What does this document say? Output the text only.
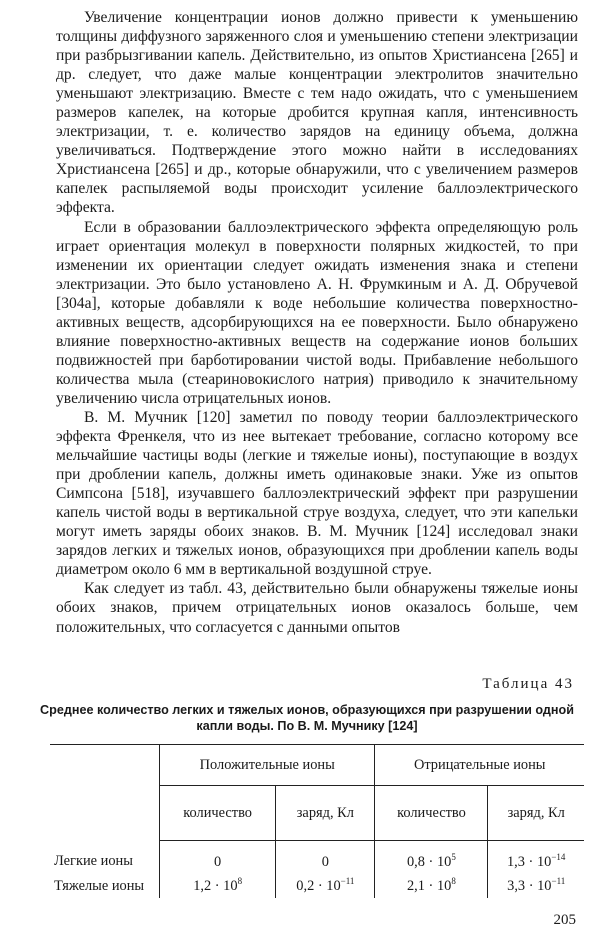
Увеличение концентрации ионов должно привести к уменьшению толщины диффузного заряженного слоя и уменьшению степени электризации при разбрызгивании капель. Действительно, из опытов Христиансена [265] и др. следует, что даже малые концентрации электролитов значительно уменьшают электризацию. Вместе с тем надо ожидать, что с уменьшением размеров капелек, на которые дробится крупная капля, интенсивность электризации, т. е. количество зарядов на единицу объема, должна увеличиваться. Подтверждение этого можно найти в исследованиях Христиансена [265] и др., которые обнаружили, что с увеличением размеров капелек распыляемой воды происходит усиление баллоэлектрического эффекта.

Если в образовании баллоэлектрического эффекта определяющую роль играет ориентация молекул в поверхности полярных жидкостей, то при изменении их ориентации следует ожидать изменения знака и степени электризации. Это было установлено А. Н. Фрумкиным и А. Д. Обручевой [304а], которые добавляли к воде небольшие количества поверхностно-активных веществ, адсорбирующихся на ее поверхности. Было обнаружено влияние поверхностно-активных веществ на содержание ионов больших подвижностей при барботировании чистой воды. Прибавление небольшого количества мыла (стеариновокислого натрия) приводило к значительному увеличению числа отрицательных ионов.

В. М. Мучник [120] заметил по поводу теории баллоэлектрического эффекта Френкеля, что из нее вытекает требование, согласно которому все мельчайшие частицы воды (легкие и тяжелые ионы), поступающие в воздух при дроблении капель, должны иметь одинаковые знаки. Уже из опытов Симпсона [518], изучавшего баллоэлектрический эффект при разрушении капель чистой воды в вертикальной струе воздуха, следует, что эти капельки могут иметь заряды обоих знаков. В. М. Мучник [124] исследовал знаки зарядов легких и тяжелых ионов, образующихся при дроблении капель воды диаметром около 6 мм в вертикальной воздушной струе.

Как следует из табл. 43, действительно были обнаружены тяжелые ионы обоих знаков, причем отрицательных ионов оказалось больше, чем положительных, что согласуется с данными опытов

Таблица 43
Среднее количество легких и тяжелых ионов, образующихся при разрушении одной капли воды. По В. М. Мучнику [124]
	Положительные ионы		Отрицательные ионы	
	количество	заряд, Кл	количество	заряд, Кл
Легкие ионы	0	0	$0,8 \cdot 10^5$	$1,3 \cdot 10^{-14}$
Тяжелые ионы	$1,2 \cdot 10^8$	$0,2 \cdot 10^{-11}$	$2,1 \cdot 10^8$	$3,3 \cdot 10^{-11}$
205
